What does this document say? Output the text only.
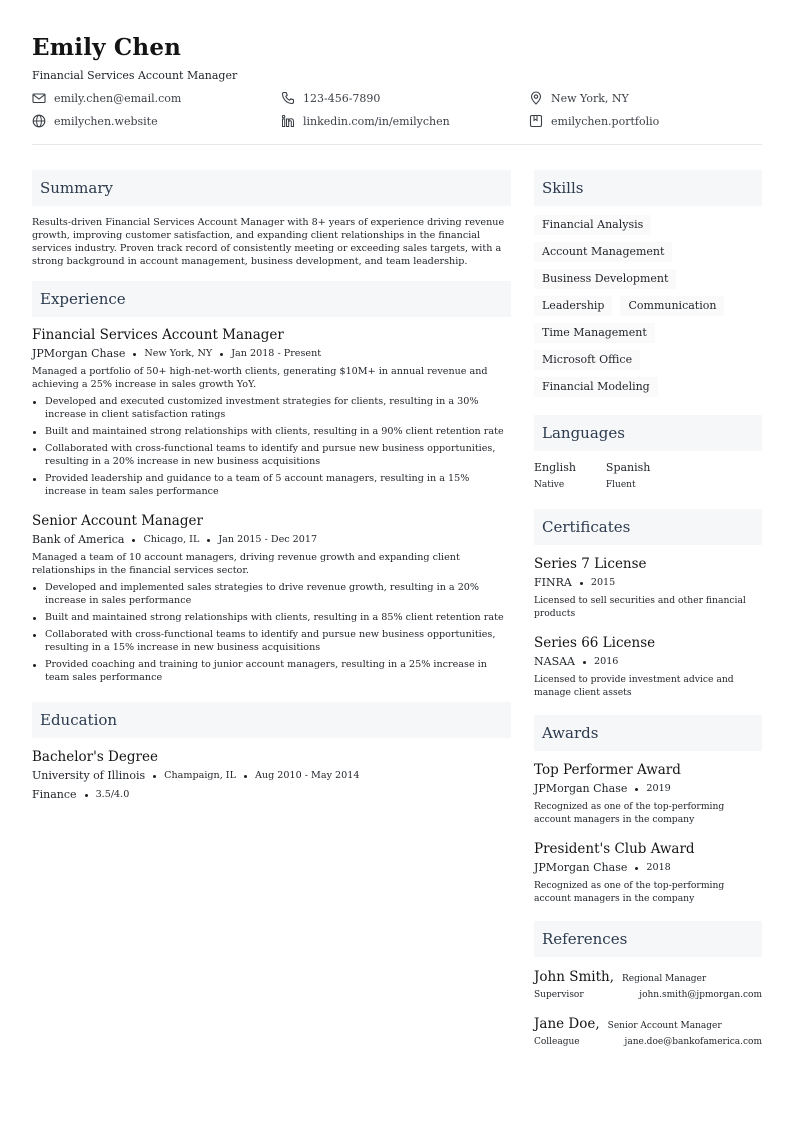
Emily Chen
Financial Services Account Manager
emily.chen@email.com	123-456-7890	New York, NY
emilychen.website	linkedin.com/in/emilychen	emilychen.portfolio
Summary

Results-driven Financial Services Account Manager with 8+ years of experience driving revenue growth, improving customer satisfaction, and expanding client relationships in the financial services industry. Proven track record of consistently meeting or exceeding sales targets, with a strong background in account management, business development, and team leadership.

Experience
Financial Services Account Manager
JPMorgan Chase New York, NY Jan 2018 - Present

Managed a portfolio of 50+ high-net-worth clients, generating $10M+ in annual revenue and achieving a 25% increase in sales growth YoY.

Developed and executed customized investment strategies for clients, resulting in a 30% increase in client satisfaction ratings
Built and maintained strong relationships with clients, resulting in a 90% client retention rate
Collaborated with cross-functional teams to identify and pursue new business opportunities, resulting in a 20% increase in new business acquisitions
Provided leadership and guidance to a team of 5 account managers, resulting in a 15% increase in team sales performance
Senior Account Manager
Bank of America Chicago, IL Jan 2015 - Dec 2017

Managed a team of 10 account managers, driving revenue growth and expanding client relationships in the financial services sector.

Developed and implemented sales strategies to drive revenue growth, resulting in a 20% increase in sales performance
Built and maintained strong relationships with clients, resulting in a 85% client retention rate
Collaborated with cross-functional teams to identify and pursue new business opportunities, resulting in a 15% increase in new business acquisitions
Provided coaching and training to junior account managers, resulting in a 25% increase in team sales performance
Education
Bachelor's Degree
University of Illinois Champaign, IL Aug 2010 - May 2014
Finance 3.5/4.0
Skills
Financial Analysis
Account Management
Business Development
Leadership	Communication
Time Management
Microsoft Office
Financial Modeling
Languages
English
Native
Spanish
Fluent
Certificates
Series 7 License
FINRA 2015

Licensed to sell securities and other financial products

Series 66 License
NASAA 2016

Licensed to provide investment advice and manage client assets

Awards
Top Performer Award
JPMorgan Chase 2019

Recognized as one of the top-performing account managers in the company

President's Club Award
JPMorgan Chase 2018

Recognized as one of the top-performing account managers in the company

References
John Smith, Regional Manager
Supervisor	john.smith@jpmorgan.com
Jane Doe, Senior Account Manager
Colleague	jane.doe@bankofamerica.com
